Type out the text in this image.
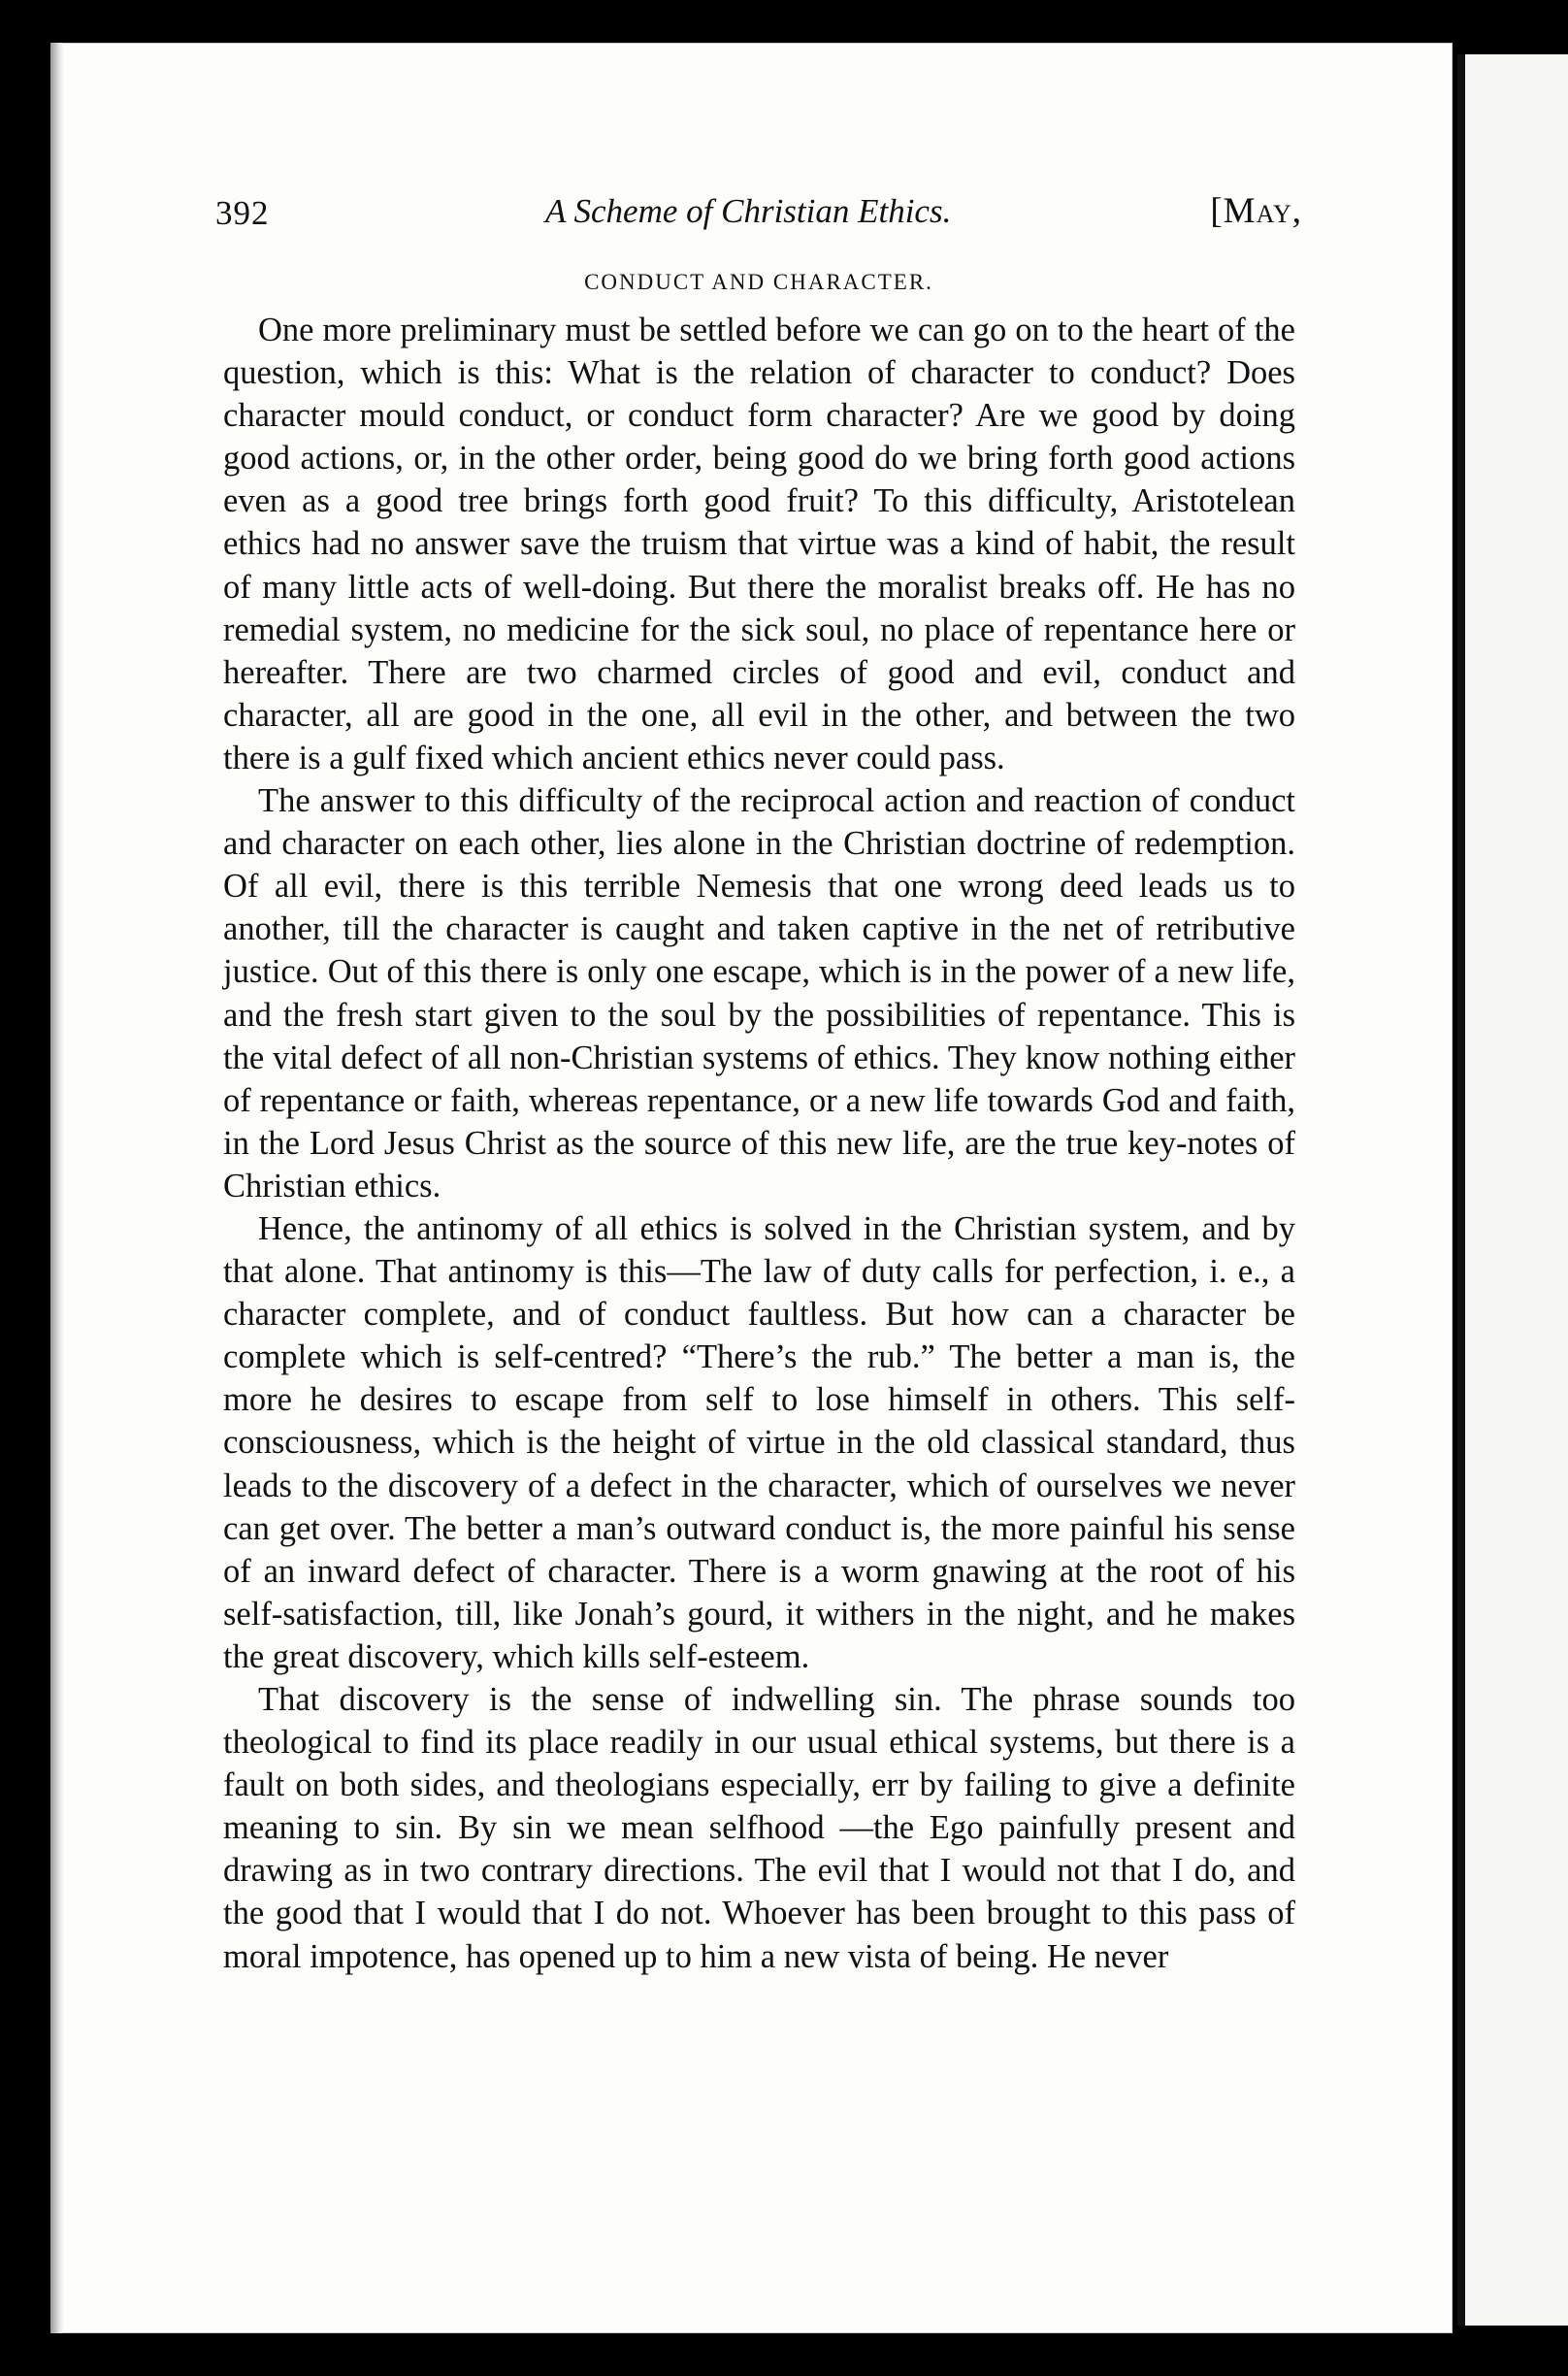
392	A Scheme of Christian Ethics.	[May,
CONDUCT AND CHARACTER.

One more preliminary must be settled before we can go on to the heart of the question, which is this: What is the relation of character to conduct? Does character mould conduct, or conduct form character? Are we good by doing good actions, or, in the other order, being good do we bring forth good actions even as a good tree brings forth good fruit? To this difficulty, Aristotelean ethics had no answer save the truism that virtue was a kind of habit, the result of many little acts of well-doing. But there the moralist breaks off. He has no remedial system, no medicine for the sick soul, no place of repentance here or hereafter. There are two charmed circles of good and evil, conduct and character, all are good in the one, all evil in the other, and between the two there is a gulf fixed which ancient ethics never could pass.

The answer to this difficulty of the reciprocal action and reaction of conduct and character on each other, lies alone in the Christian doctrine of redemption. Of all evil, there is this terrible Nemesis that one wrong deed leads us to another, till the character is caught and taken captive in the net of retributive justice. Out of this there is only one escape, which is in the power of a new life, and the fresh start given to the soul by the possibilities of repentance. This is the vital defect of all non-Christian systems of ethics. They know nothing either of repentance or faith, whereas repentance, or a new life towards God and faith, in the Lord Jesus Christ as the source of this new life, are the true key-notes of Christian ethics.

Hence, the antinomy of all ethics is solved in the Christian system, and by that alone. That antinomy is this—The law of duty calls for perfection, i. e., a character complete, and of conduct faultless. But how can a character be complete which is self-centred? “There’s the rub.” The better a man is, the more he desires to escape from self to lose himself in others. This self-consciousness, which is the height of virtue in the old classical standard, thus leads to the discovery of a defect in the character, which of ourselves we never can get over. The better a man’s outward conduct is, the more painful his sense of an inward defect of character. There is a worm gnawing at the root of his self-satisfaction, till, like Jonah’s gourd, it withers in the night, and he makes the great discovery, which kills self-esteem.

That discovery is the sense of indwelling sin. The phrase sounds too theological to find its place readily in our usual ethical systems, but there is a fault on both sides, and theologians especially, err by failing to give a definite meaning to sin. By sin we mean selfhood —the Ego painfully present and drawing as in two contrary directions. The evil that I would not that I do, and the good that I would that I do not. Whoever has been brought to this pass of moral impotence, has opened up to him a new vista of being. He never
